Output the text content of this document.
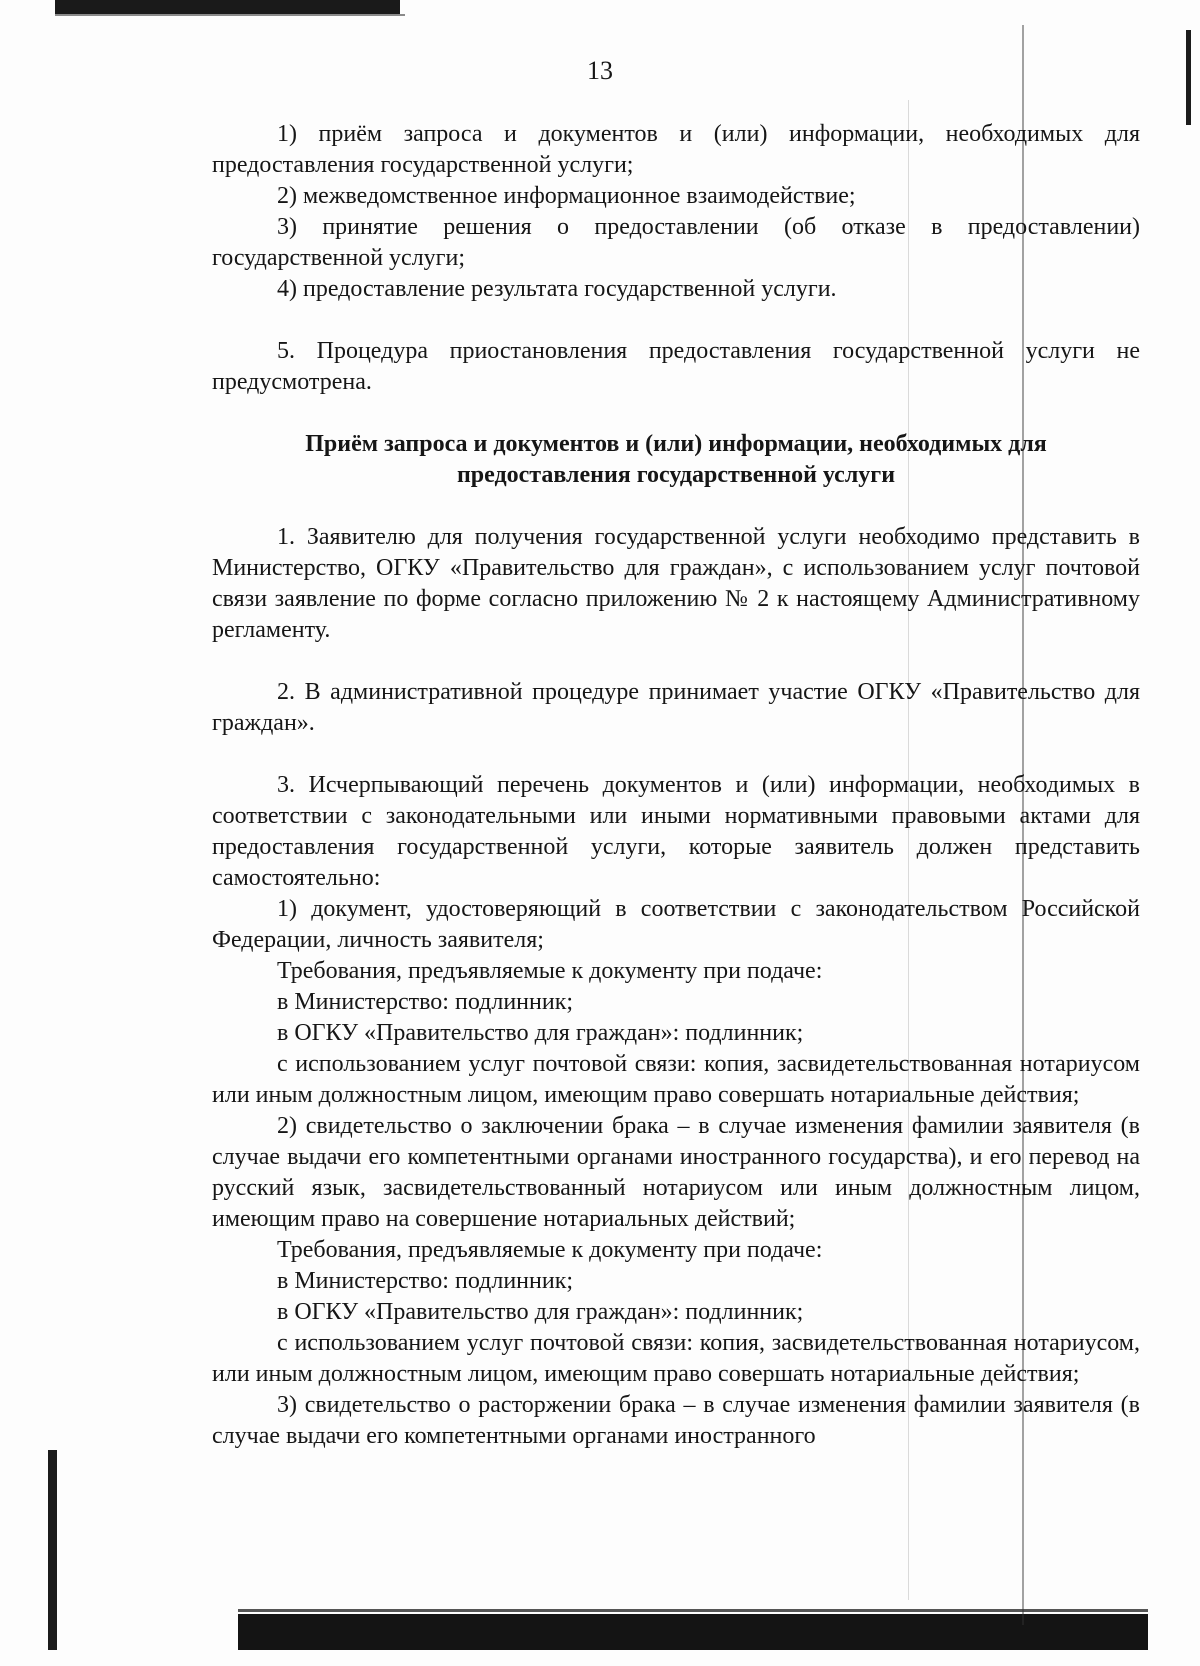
13

1) приём запроса и документов и (или) информации, необходимых для предоставления государственной услуги;

2) межведомственное информационное взаимодействие;

3) принятие решения о предоставлении (об отказе в предоставлении) государственной услуги;

4) предоставление результата государственной услуги.

5. Процедура приостановления предоставления государственной услуги не предусмотрена.

Приём запроса и документов и (или) информации, необходимых для

предоставления государственной услуги

1. Заявителю для получения государственной услуги необходимо представить в Министерство, ОГКУ «Правительство для граждан», с использованием услуг почтовой связи заявление по форме согласно приложению № 2 к настоящему Административному регламенту.

2. В административной процедуре принимает участие ОГКУ «Правительство для граждан».

3. Исчерпывающий перечень документов и (или) информации, необходимых в соответствии с законодательными или иными нормативными правовыми актами для предоставления государственной услуги, которые заявитель должен представить самостоятельно:

1) документ, удостоверяющий в соответствии с законодательством Российской Федерации, личность заявителя;

Требования, предъявляемые к документу при подаче:

в Министерство: подлинник;

в ОГКУ «Правительство для граждан»: подлинник;

с использованием услуг почтовой связи: копия, засвидетельствованная нотариусом или иным должностным лицом, имеющим право совершать нотариальные действия;

2) свидетельство о заключении брака – в случае изменения фамилии заявителя (в случае выдачи его компетентными органами иностранного государства), и его перевод на русский язык, засвидетельствованный нотариусом или иным должностным лицом, имеющим право на совершение нотариальных действий;

Требования, предъявляемые к документу при подаче:

в Министерство: подлинник;

в ОГКУ «Правительство для граждан»: подлинник;

с использованием услуг почтовой связи: копия, засвидетельствованная нотариусом, или иным должностным лицом, имеющим право совершать нотариальные действия;

3) свидетельство о расторжении брака – в случае изменения фамилии заявителя (в случае выдачи его компетентными органами иностранного
